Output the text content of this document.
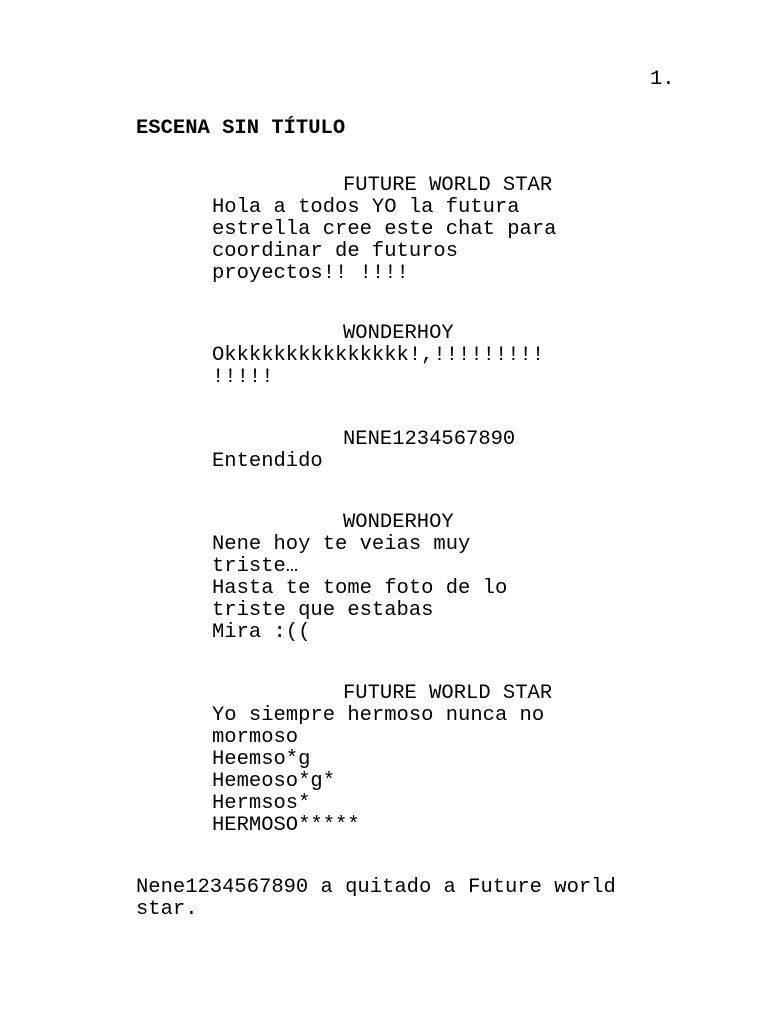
1.
ESCENA SIN TÍTULO
FUTURE WORLD STAR
Hola a todos YO la futura
estrella cree este chat para
coordinar de futuros
proyectos!! !!!!
WONDERHOY
Okkkkkkkkkkkkkkk!,!!!!!!!!!
!!!!!
NENE1234567890
Entendido
WONDERHOY
Nene hoy te veias muy
triste…
Hasta te tome foto de lo
triste que estabas
Mira :((
FUTURE WORLD STAR
Yo siempre hermoso nunca no
mormoso
Heemso*g
Hemeoso*g*
Hermsos*
HERMOSO*****
Nene1234567890 a quitado a Future world
star.
